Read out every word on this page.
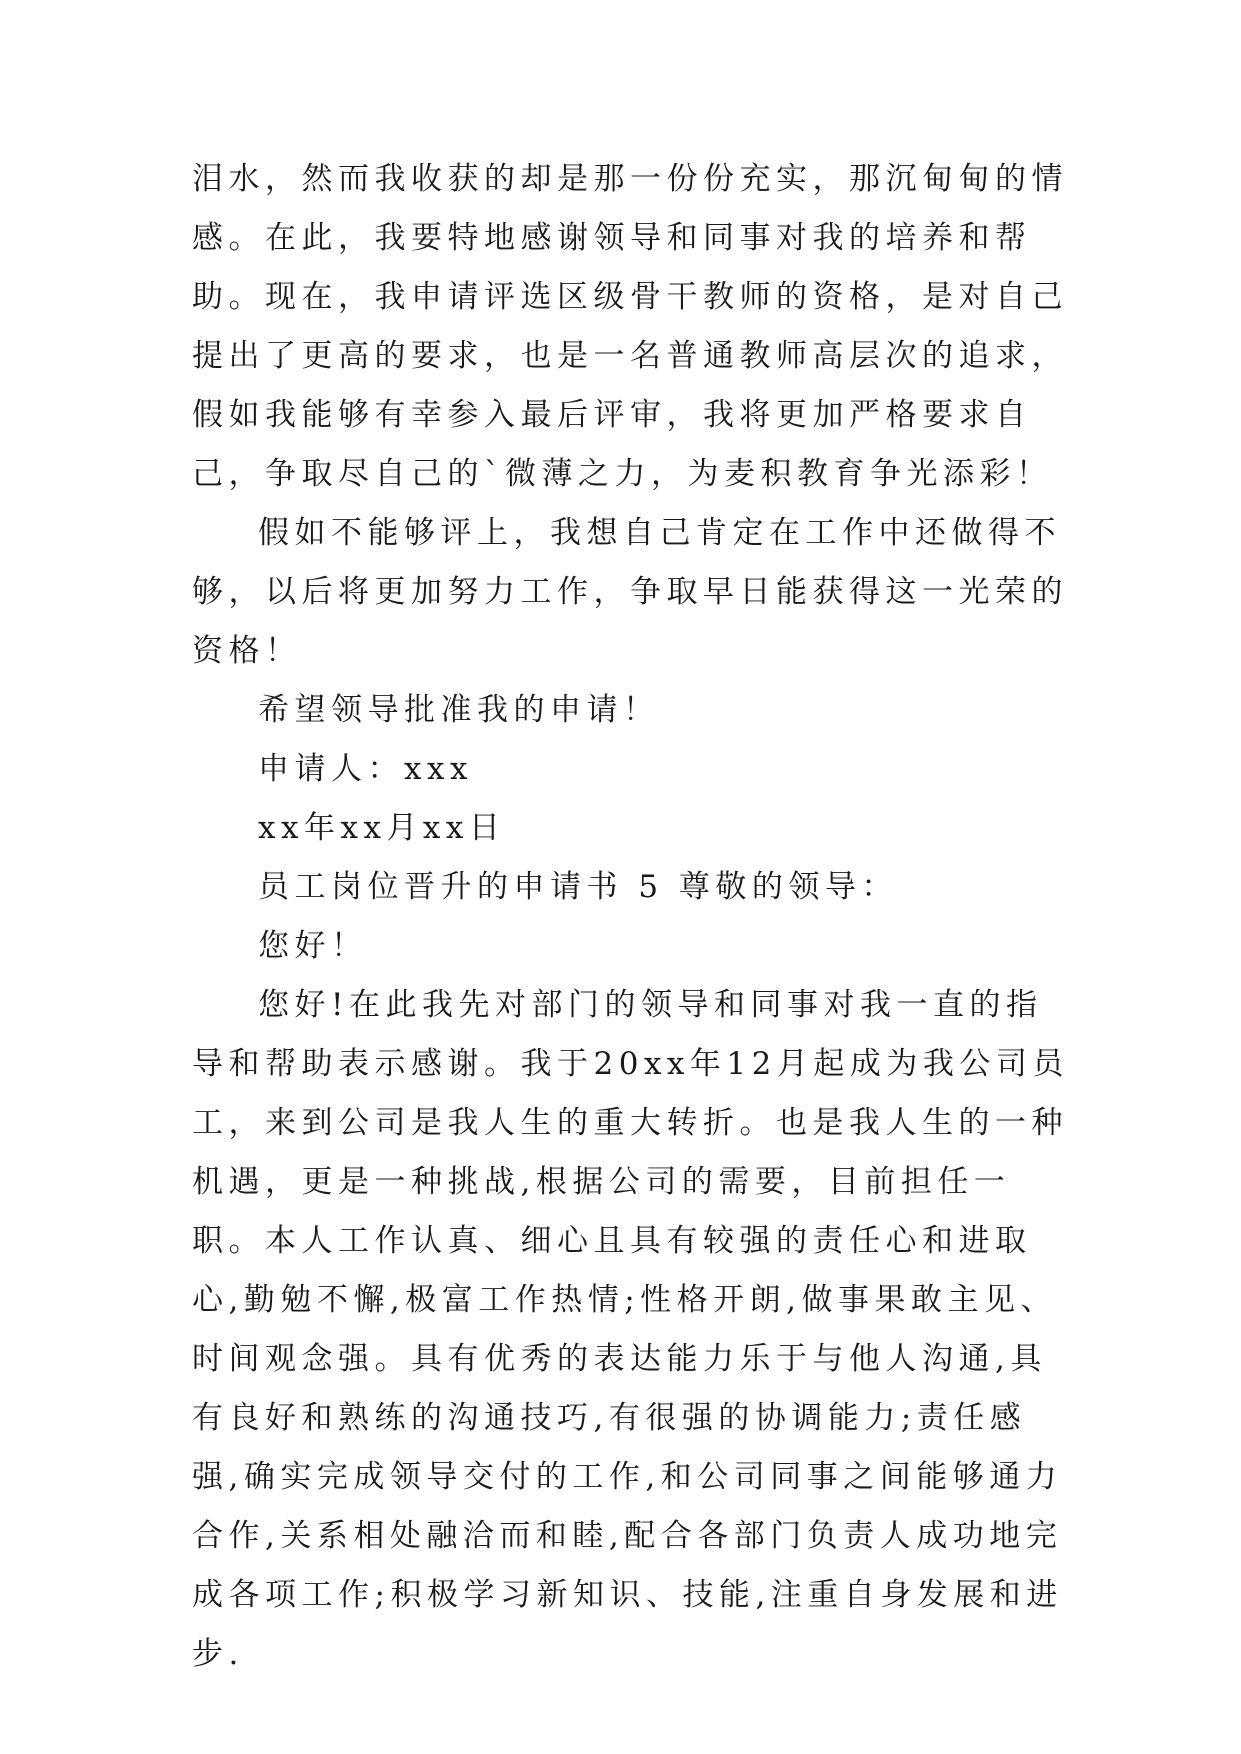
泪水，然而我收获的却是那一份份充实，那沉甸甸的情感。在此，我要特地感谢领导和同事对我的培养和帮助。现在，我申请评选区级骨干教师的资格，是对自己提出了更高的要求，也是一名普通教师高层次的追求，假如我能够有幸参入最后评审，我将更加严格要求自己，争取尽自己的`微薄之力，为麦积教育争光添彩！

假如不能够评上，我想自己肯定在工作中还做得不够，以后将更加努力工作，争取早日能获得这一光荣的资格！

希望领导批准我的申请！

申请人：xxx

xx年xx月xx日

员工岗位晋升的申请书 5 尊敬的领导：

您好！

您好!在此我先对部门的领导和同事对我一直的指导和帮助表示感谢。我于20xx年12月起成为我公司员工，来到公司是我人生的重大转折。也是我人生的一种机遇，更是一种挑战,根据公司的需要，目前担任一职。本人工作认真、细心且具有较强的责任心和进取心,勤勉不懈,极富工作热情;性格开朗,做事果敢主见、时间观念强。具有优秀的表达能力乐于与他人沟通,具有良好和熟练的沟通技巧,有很强的协调能力;责任感强,确实完成领导交付的工作,和公司同事之间能够通力合作,关系相处融洽而和睦,配合各部门负责人成功地完成各项工作;积极学习新知识、技能,注重自身发展和进步.
